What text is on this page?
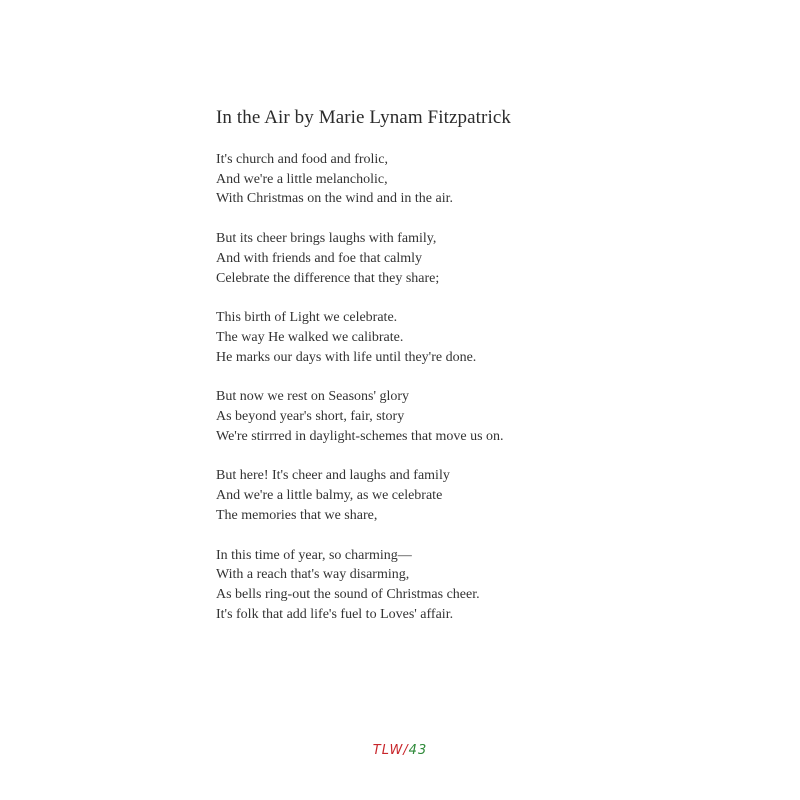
In the Air by Marie Lynam Fitzpatrick
It's church and food and frolic,
And we're a little melancholic,
With Christmas on the wind and in the air.
But its cheer brings laughs with family,
And with friends and foe that calmly
Celebrate the difference that they share;
This birth of Light we celebrate.
The way He walked we calibrate.
He marks our days with life until they're done.
But now we rest on Seasons' glory
As beyond year's short, fair, story
We're stirrred in daylight-schemes that move us on.
But here! It's cheer and laughs and family
And we're a little balmy, as we celebrate
The memories that we share,
In this time of year, so charming—
With a reach that's way disarming,
As bells ring-out the sound of Christmas cheer.
It's folk that add life's fuel to Loves' affair.
TLW/43
